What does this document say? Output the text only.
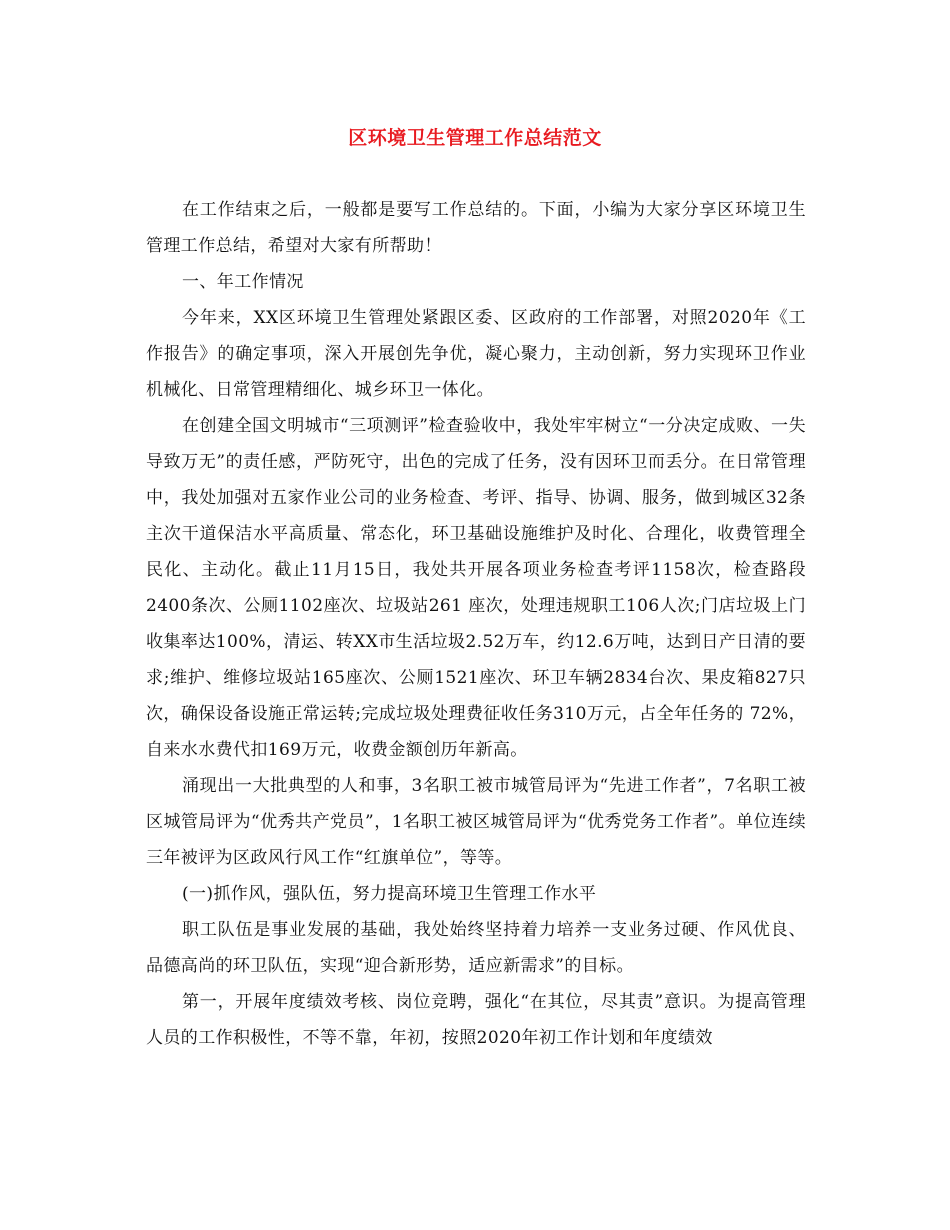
区环境卫生管理工作总结范文

在工作结束之后，一般都是要写工作总结的。下面，小编为大家分享区环境卫生管理工作总结，希望对大家有所帮助！

一、年工作情况

今年来，XX区环境卫生管理处紧跟区委、区政府的工作部署，对照2020年《工作报告》的确定事项，深入开展创先争优，凝心聚力，主动创新，努力实现环卫作业机械化、日常管理精细化、城乡环卫一体化。

在创建全国文明城市“三项测评”检查验收中，我处牢牢树立“一分决定成败、一失导致万无”的责任感，严防死守，出色的完成了任务，没有因环卫而丢分。在日常管理中，我处加强对五家作业公司的业务检查、考评、指导、协调、服务，做到城区32条主次干道保洁水平高质量、常态化，环卫基础设施维护及时化、合理化，收费管理全民化、主动化。截止11月15日，我处共开展各项业务检查考评1158次，检查路段2400条次、公厕1102座次、垃圾站261 座次，处理违规职工106人次;门店垃圾上门收集率达100%，清运、转XX市生活垃圾2.52万车，约12.6万吨，达到日产日清的要求;维护、维修垃圾站165座次、公厕1521座次、环卫车辆2834台次、果皮箱827只次，确保设备设施正常运转;完成垃圾处理费征收任务310万元，占全年任务的 72%，自来水水费代扣169万元，收费金额创历年新高。

涌现出一大批典型的人和事，3名职工被市城管局评为“先进工作者”，7名职工被区城管局评为“优秀共产党员”，1名职工被区城管局评为“优秀党务工作者”。单位连续三年被评为区政风行风工作“红旗单位”，等等。

(一)抓作风，强队伍，努力提高环境卫生管理工作水平

职工队伍是事业发展的基础，我处始终坚持着力培养一支业务过硬、作风优良、品德高尚的环卫队伍，实现“迎合新形势，适应新需求”的目标。

第一，开展年度绩效考核、岗位竞聘，强化“在其位，尽其责”意识。为提高管理人员的工作积极性，不等不靠，年初，按照2020年初工作计划和年度绩效
